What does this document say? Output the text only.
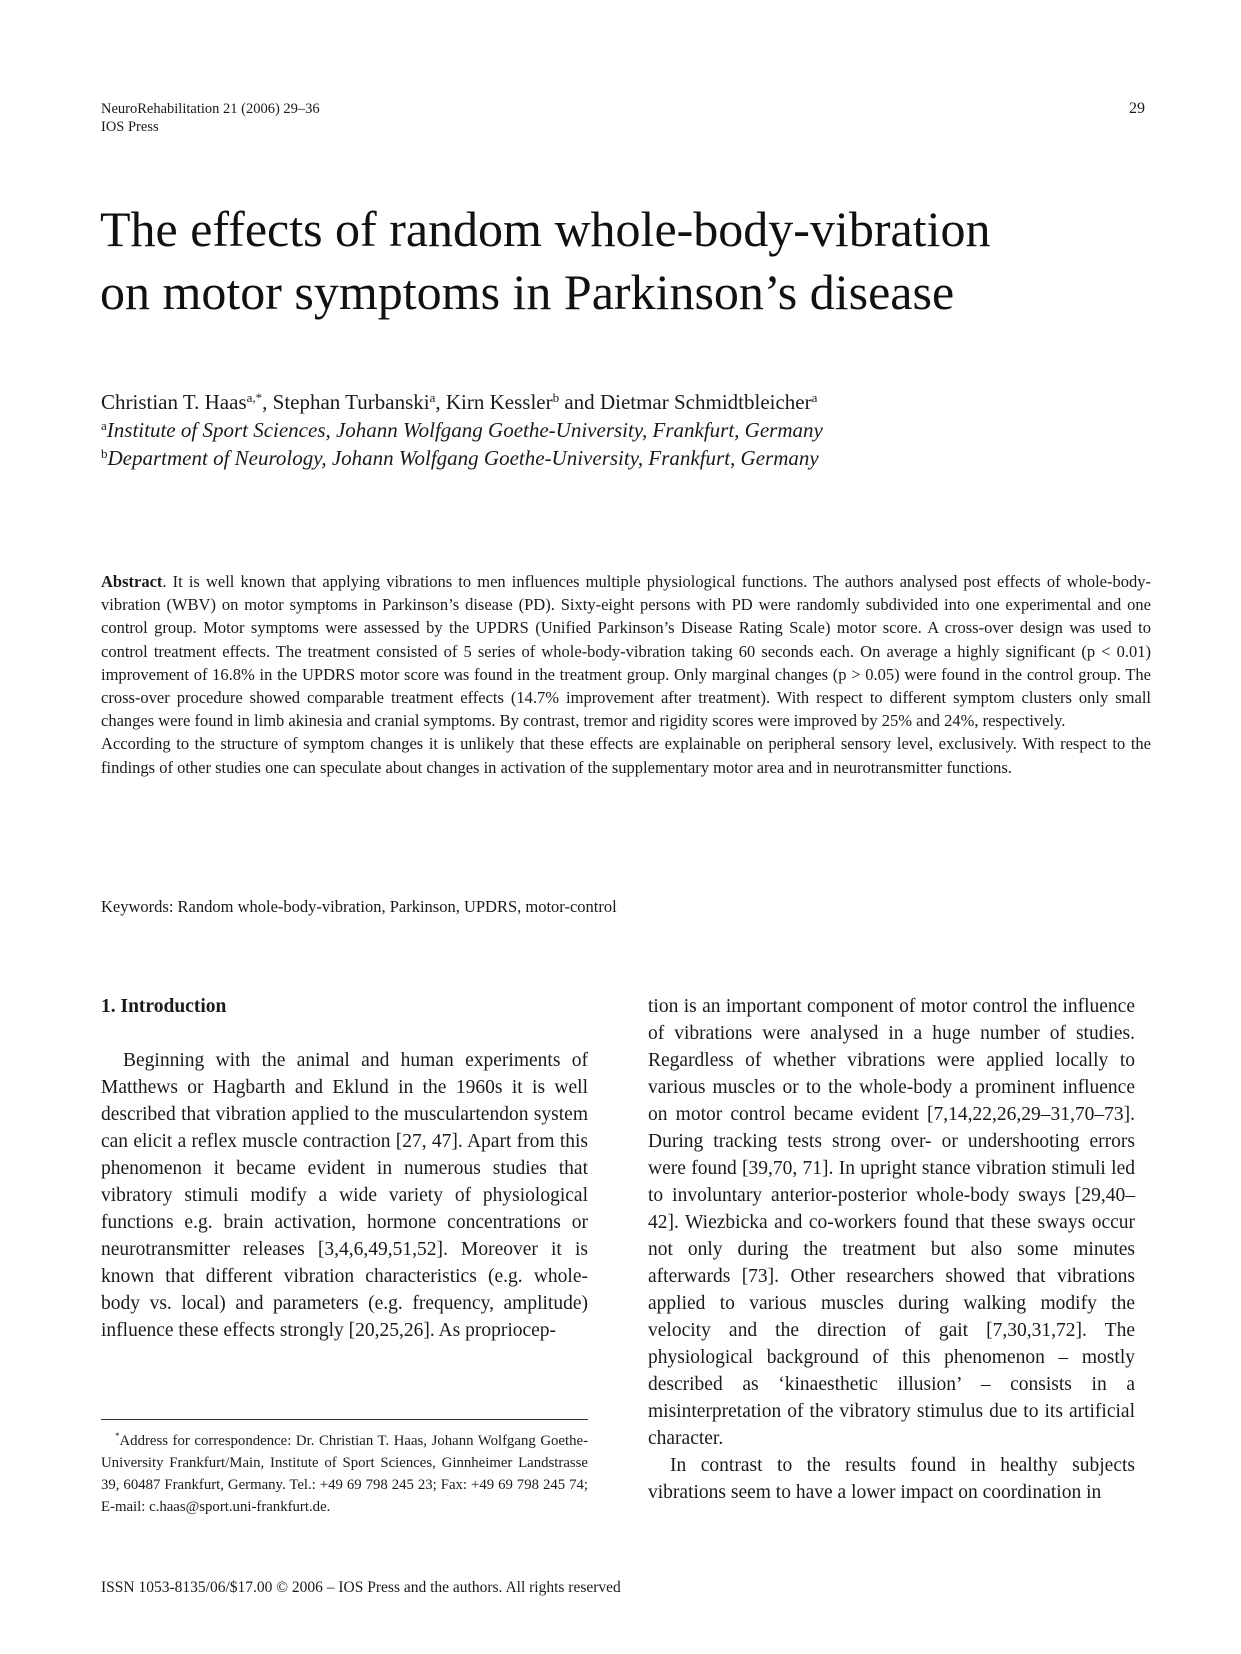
NeuroRehabilitation 21 (2006) 29–36
IOS Press
29
The effects of random whole-body-vibration
on motor symptoms in Parkinson’s disease
Christian T. Haas$^{a,*}$, Stephan Turbanski$^a$, Kirn Kessler$^b$ and Dietmar Schmidtbleicher$^a$
$^a$Institute of Sport Sciences, Johann Wolfgang Goethe-University, Frankfurt, Germany
$^b$Department of Neurology, Johann Wolfgang Goethe-University, Frankfurt, Germany

Abstract. It is well known that applying vibrations to men influences multiple physiological functions. The authors analysed post effects of whole-body-vibration (WBV) on motor symptoms in Parkinson’s disease (PD). Sixty-eight persons with PD were randomly subdivided into one experimental and one control group. Motor symptoms were assessed by the UPDRS (Unified Parkinson’s Disease Rating Scale) motor score. A cross-over design was used to control treatment effects. The treatment consisted of 5 series of whole-body-vibration taking 60 seconds each. On average a highly significant (p < 0.01) improvement of 16.8% in the UPDRS motor score was found in the treatment group. Only marginal changes (p > 0.05) were found in the control group. The cross-over procedure showed comparable treatment effects (14.7% improvement after treatment). With respect to different symptom clusters only small changes were found in limb akinesia and cranial symptoms. By contrast, tremor and rigidity scores were improved by 25% and 24%, respectively.

According to the structure of symptom changes it is unlikely that these effects are explainable on peripheral sensory level, exclusively. With respect to the findings of other studies one can speculate about changes in activation of the supplementary motor area and in neurotransmitter functions.

Keywords: Random whole-body-vibration, Parkinson, UPDRS, motor-control

1. Introduction

Beginning with the animal and human experiments of Matthews or Hagbarth and Eklund in the 1960s it is well described that vibration applied to the musculartendon system can elicit a reflex muscle contraction [27, 47]. Apart from this phenomenon it became evident in numerous studies that vibratory stimuli modify a wide variety of physiological functions e.g. brain activation, hormone concentrations or neurotransmitter releases [3,4,6,49,51,52]. Moreover it is known that different vibration characteristics (e.g. whole-body vs. local) and parameters (e.g. frequency, amplitude) influence these effects strongly [20,25,26]. As propriocep-

tion is an important component of motor control the influence of vibrations were analysed in a huge number of studies. Regardless of whether vibrations were applied locally to various muscles or to the whole-body a prominent influence on motor control became evident [7,14,22,26,29–31,70–73]. During tracking tests strong over- or undershooting errors were found [39,70, 71]. In upright stance vibration stimuli led to involuntary anterior-posterior whole-body sways [29,40–42]. Wiezbicka and co-workers found that these sways occur not only during the treatment but also some minutes afterwards [73]. Other researchers showed that vibrations applied to various muscles during walking modify the velocity and the direction of gait [7,30,31,72]. The physiological background of this phenomenon – mostly described as ‘kinaesthetic illusion’ – consists in a misinterpretation of the vibratory stimulus due to its artificial character.

In contrast to the results found in healthy subjects vibrations seem to have a lower impact on coordination in

*Address for correspondence: Dr. Christian T. Haas, Johann Wolfgang Goethe-University Frankfurt/Main, Institute of Sport Sciences, Ginnheimer Landstrasse 39, 60487 Frankfurt, Germany. Tel.: +49 69 798 245 23; Fax: +49 69 798 245 74; E-mail: c.haas@sport.uni-frankfurt.de.
ISSN 1053-8135/06/$17.00 © 2006 – IOS Press and the authors. All rights reserved
